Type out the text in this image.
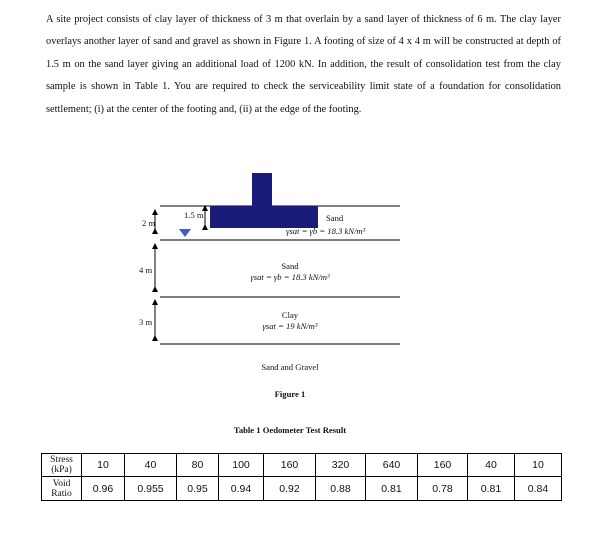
A site project consists of clay layer of thickness of 3 m that overlain by a sand layer of thickness of 6 m. The clay layer overlays another layer of sand and gravel as shown in Figure 1. A footing of size of 4 x 4 m will be constructed at depth of 1.5 m on the sand layer giving an additional load of 1200 kN. In addition, the result of consolidation test from the clay sample is shown in Table 1. You are required to check the serviceability limit state of a foundation for consolidation settlement; (i) at the center of the footing and, (ii) at the edge of the footing.

2 m
1.5 m
4 m
3 m
Sand
γsat = γb = 18.3 kN/m³
Sand
γsat = γb = 18.3 kN/m³
Clay
γsat = 19 kN/m³
Sand and Gravel
Figure 1
Table 1 Oedometer Test Result
Stress (kPa)	10	40	80	100	160	320	640	160	40	10
Void Ratio	0.96	0.955	0.95	0.94	0.92	0.88	0.81	0.78	0.81	0.84
